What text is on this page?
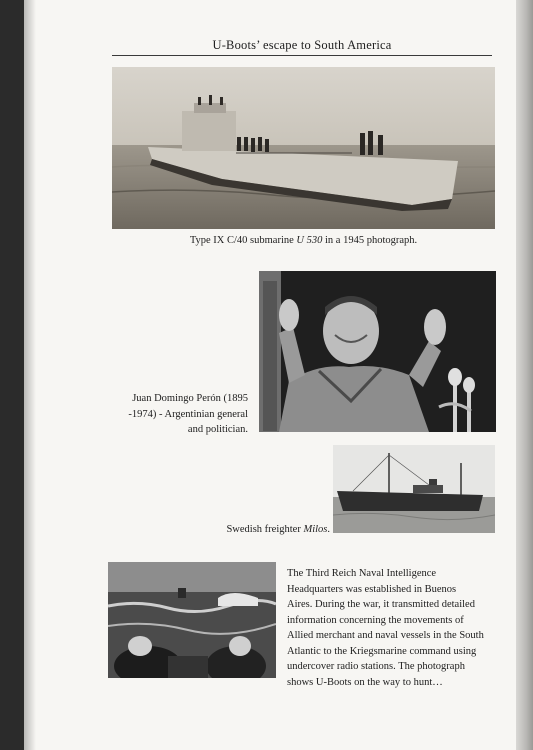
U-Boots’ escape to South America
Type IX C/40 submarine U 530 in a 1945 photograph.
Juan Domingo Perón (1895
-1974) - Argentinian general
and politician.
Swedish freighter Milos.
The Third Reich Naval Intelligence
Headquarters was established in Buenos
Aires. During the war, it transmitted detailed
information concerning the movements of
Allied merchant and naval vessels in the South
Atlantic to the Kriegsmarine command using
undercover radio stations. The photograph
shows U-Boots on the way to hunt…
